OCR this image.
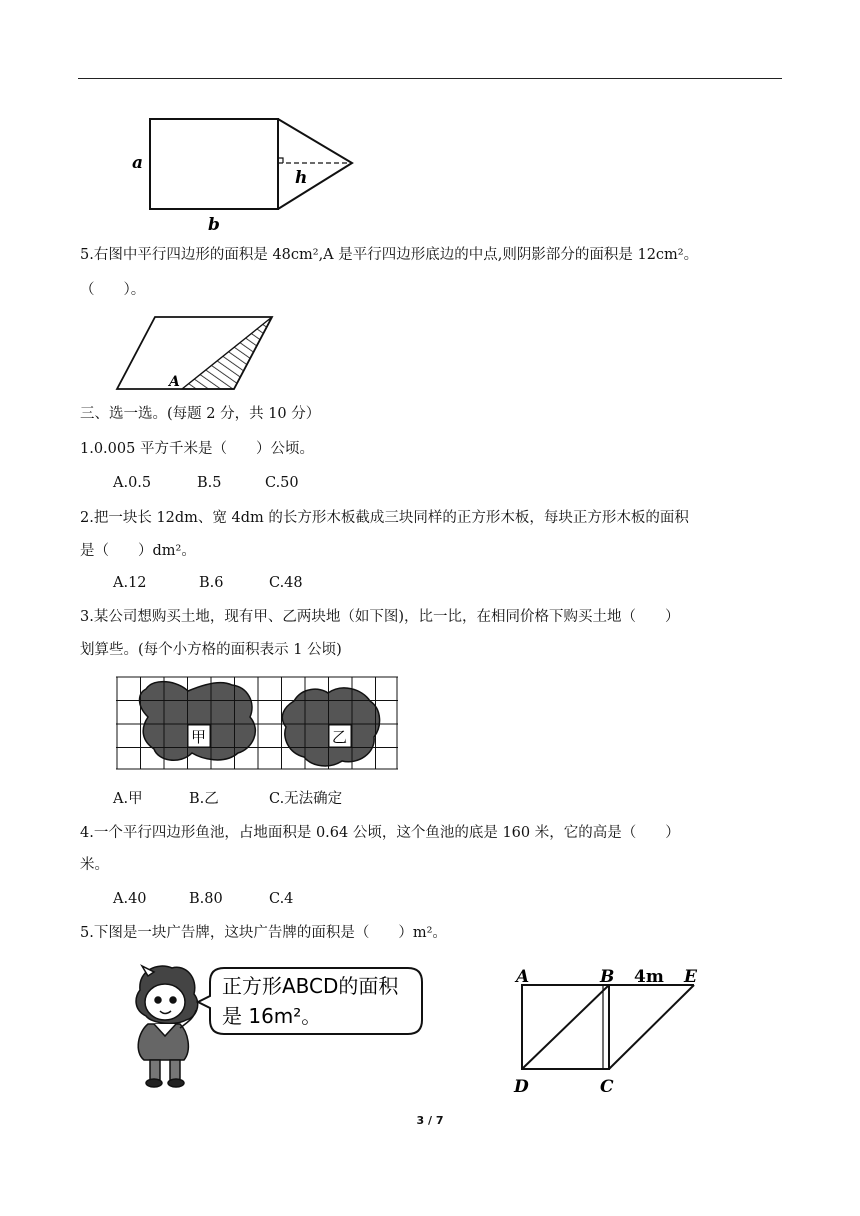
a
b
h
5.右图中平行四边形的面积是 48cm²,A 是平行四边形底边的中点,则阴影部分的面积是 12cm²。
（　　）。
A
三、选一选。(每题 2 分，共 10 分）
1.0.005 平方千米是（　　）公顷。
A.0.5	B.5	C.50
2.把一块长 12dm、宽 4dm 的长方形木板截成三块同样的正方形木板，每块正方形木板的面积
是（　　）dm²。
A.12	B.6	C.48
3.某公司想购买土地，现有甲、乙两块地（如下图)，比一比，在相同价格下购买土地（　　）
划算些。(每个小方格的面积表示 1 公顷)
甲	乙
A.甲	B.乙	C.无法确定
4.一个平行四边形鱼池，占地面积是 0.64 公顷，这个鱼池的底是 160 米，它的高是（　　）
米。
A.40	B.80	C.4
5.下图是一块广告牌，这块广告牌的面积是（　　）m²。
正方形ABCD的面积
是 16m²。
A	B 4m E
D	C
3 / 7
